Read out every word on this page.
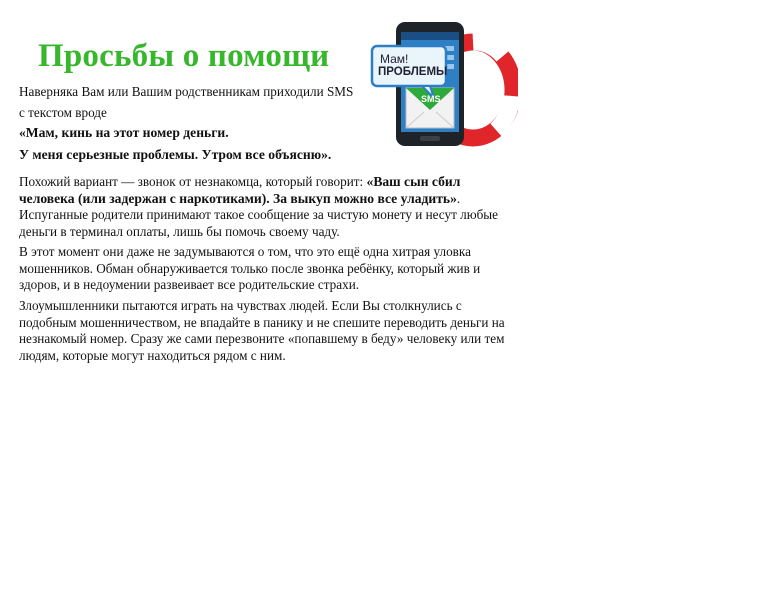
Просьбы о помощи
Наверняка Вам или Вашим родственникам приходили SMS
с текстом вроде
«Мам, кинь на этот номер деньги.
У меня серьезные проблемы. Утром все объясню».
Похожий вариант — звонок от незнакомца, который говорит: «Ваш сын сбил человека (или задержан с наркотиками). За выкуп можно все уладить». Испуганные родители принимают такое сообщение за чистую монету и несут любые деньги в терминал оплаты, лишь бы помочь своему чаду.
В этот момент они даже не задумываются о том, что это ещё одна хитрая уловка мошенников. Обман обнаруживается только после звонка ребёнку, который жив и здоров, и в недоумении развеивает все родительские страхи.
Злоумышленники пытаются играть на чувствах людей. Если Вы столкнулись с подобным мошенничеством, не впадайте в панику и не спешите переводить деньги на незнакомый номер. Сразу же сами перезвоните «попавшему в беду» человеку или тем людям, которые могут находиться рядом с ним.
Мам!
ПРОБЛЕМЫ
SMS
